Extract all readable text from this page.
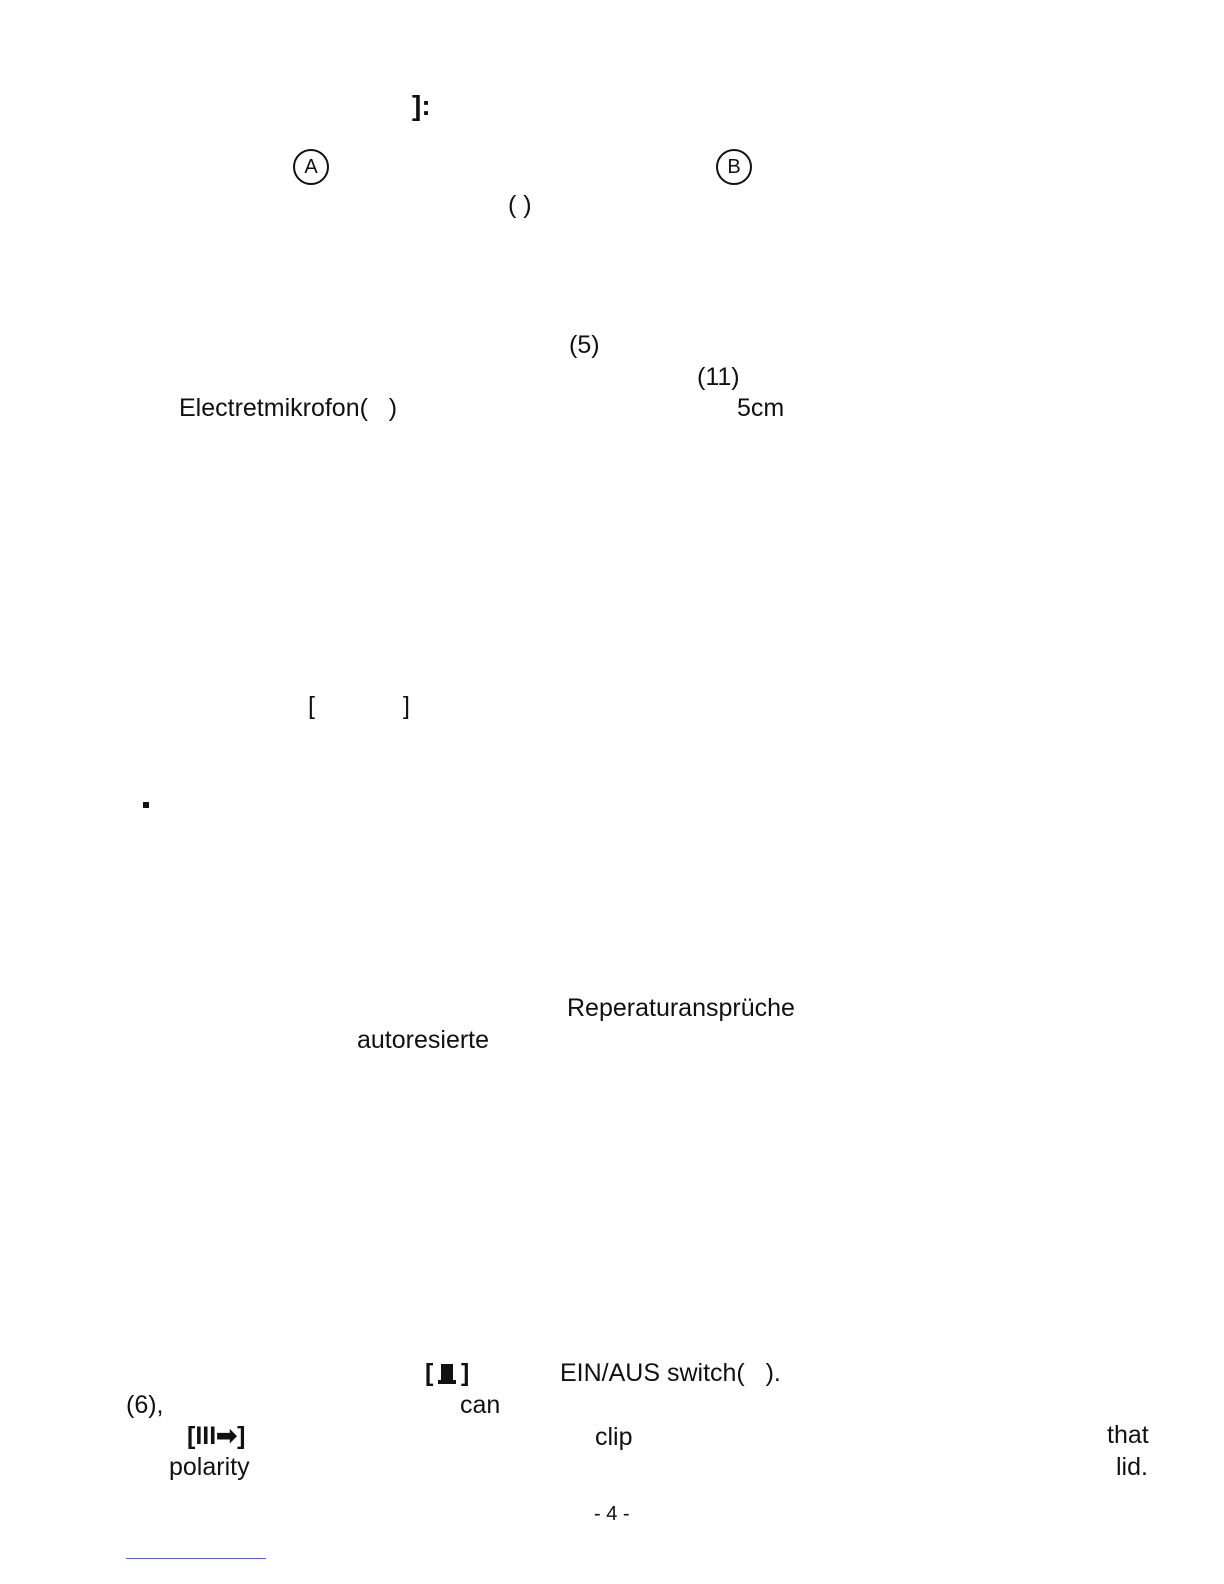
]:
A	B
( )
(5)
(11)
Electretmikrofon(   )	5cm
[	]
Reperaturansprüche
autoresierte
[ ]	EIN/AUS switch(   ).
(6),	can
[III➡]	clip	that
polarity	lid.
- 4 -
